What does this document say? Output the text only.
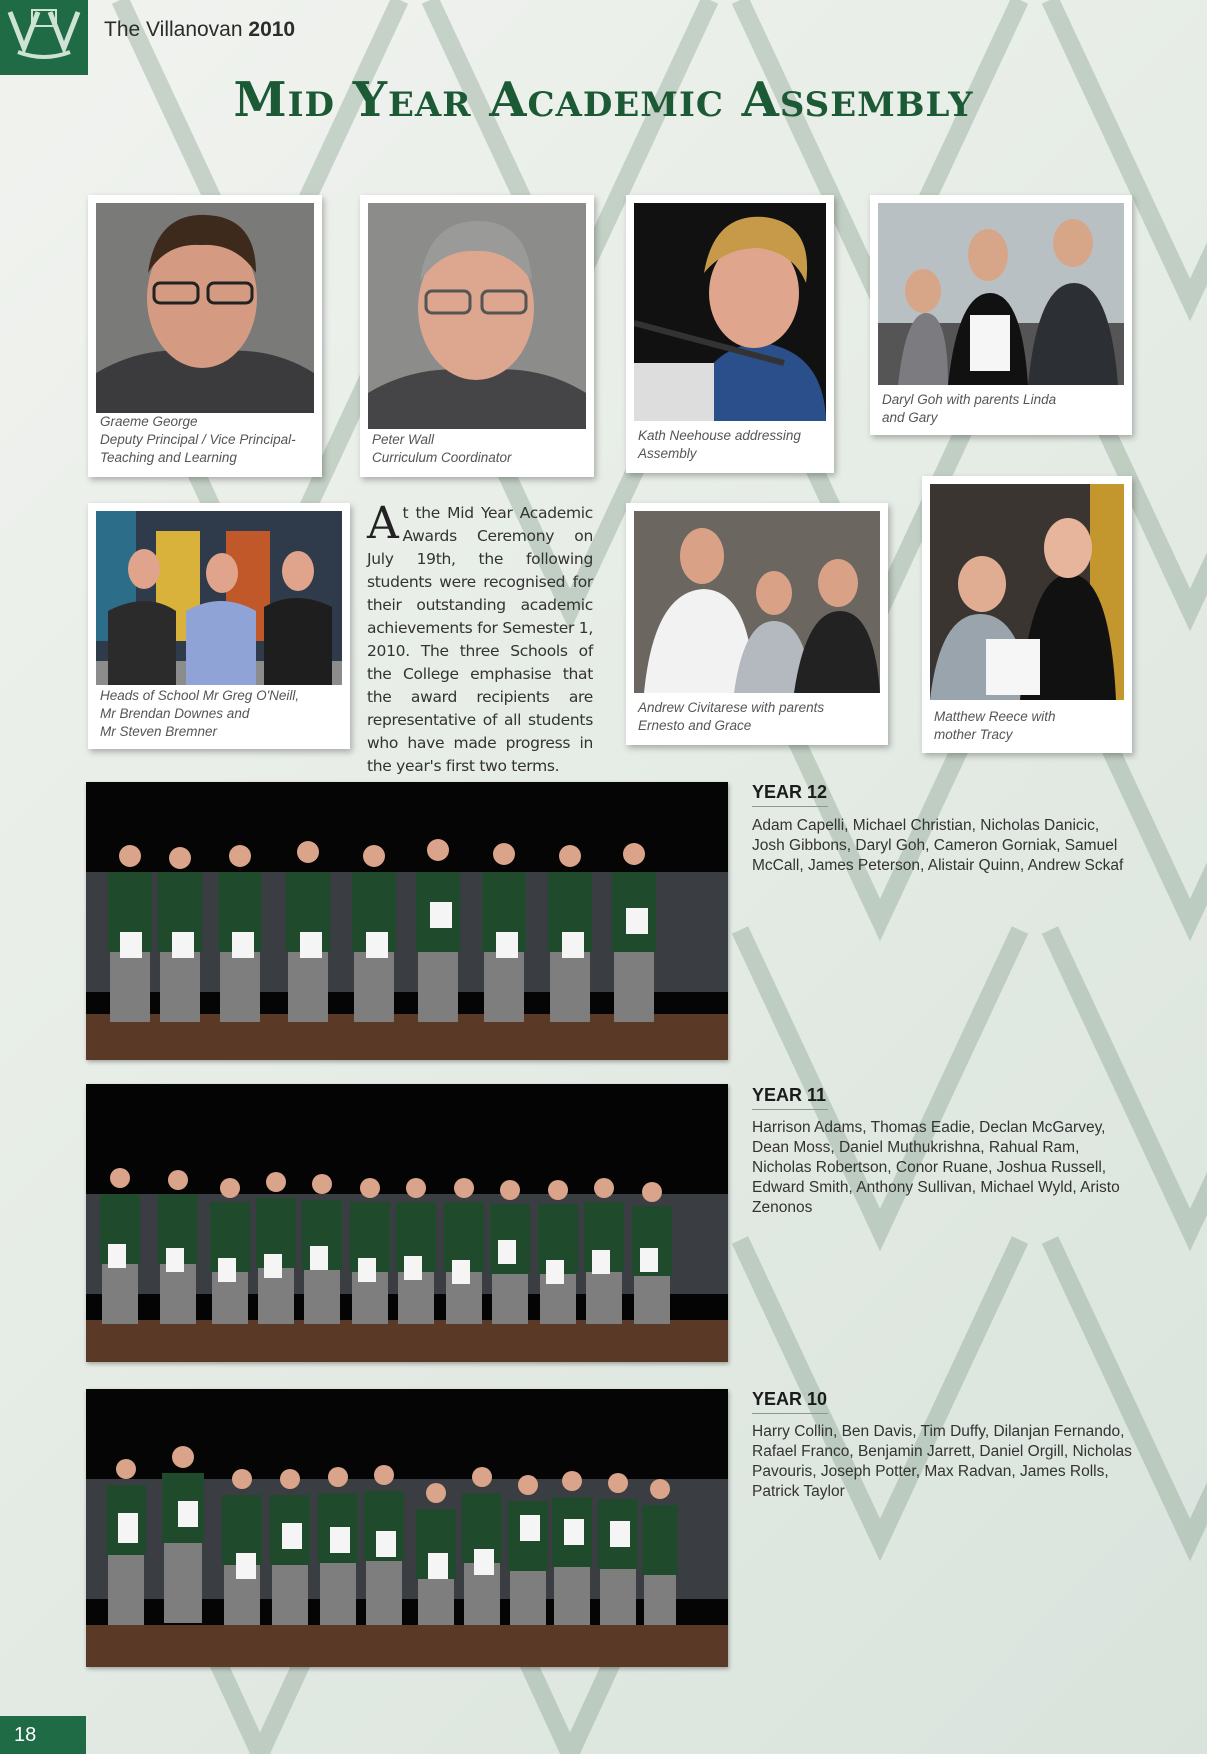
The Villanovan 2010
Mid Year Academic Assembly
Graeme George
Deputy Principal / Vice Principal-
Teaching and Learning
Peter Wall
Curriculum Coordinator
Kath Neehouse addressing
Assembly
Daryl Goh with parents Linda
and Gary
Heads of School Mr Greg O'Neill,
Mr Brendan Downes and
Mr Steven Bremner
At the Mid Year Academic Awards Ceremony on July 19th, the following students were recognised for their outstanding academic achievements for Semester 1, 2010. The three Schools of the College emphasise that the award recipients are representative of all students who have made progress in the year's first two terms.
Andrew Civitarese with parents
Ernesto and Grace
Matthew Reece with
mother Tracy
YEAR 12
Adam Capelli, Michael Christian, Nicholas Danicic, Josh Gibbons, Daryl Goh, Cameron Gorniak, Samuel McCall, James Peterson, Alistair Quinn, Andrew Sckaf
YEAR 11
Harrison Adams, Thomas Eadie, Declan McGarvey, Dean Moss, Daniel Muthukrishna, Rahual Ram, Nicholas Robertson, Conor Ruane, Joshua Russell, Edward Smith, Anthony Sullivan, Michael Wyld, Aristo Zenonos
YEAR 10
Harry Collin, Ben Davis, Tim Duffy, Dilanjan Fernando, Rafael Franco, Benjamin Jarrett, Daniel Orgill, Nicholas Pavouris, Joseph Potter, Max Radvan, James Rolls, Patrick Taylor
18
